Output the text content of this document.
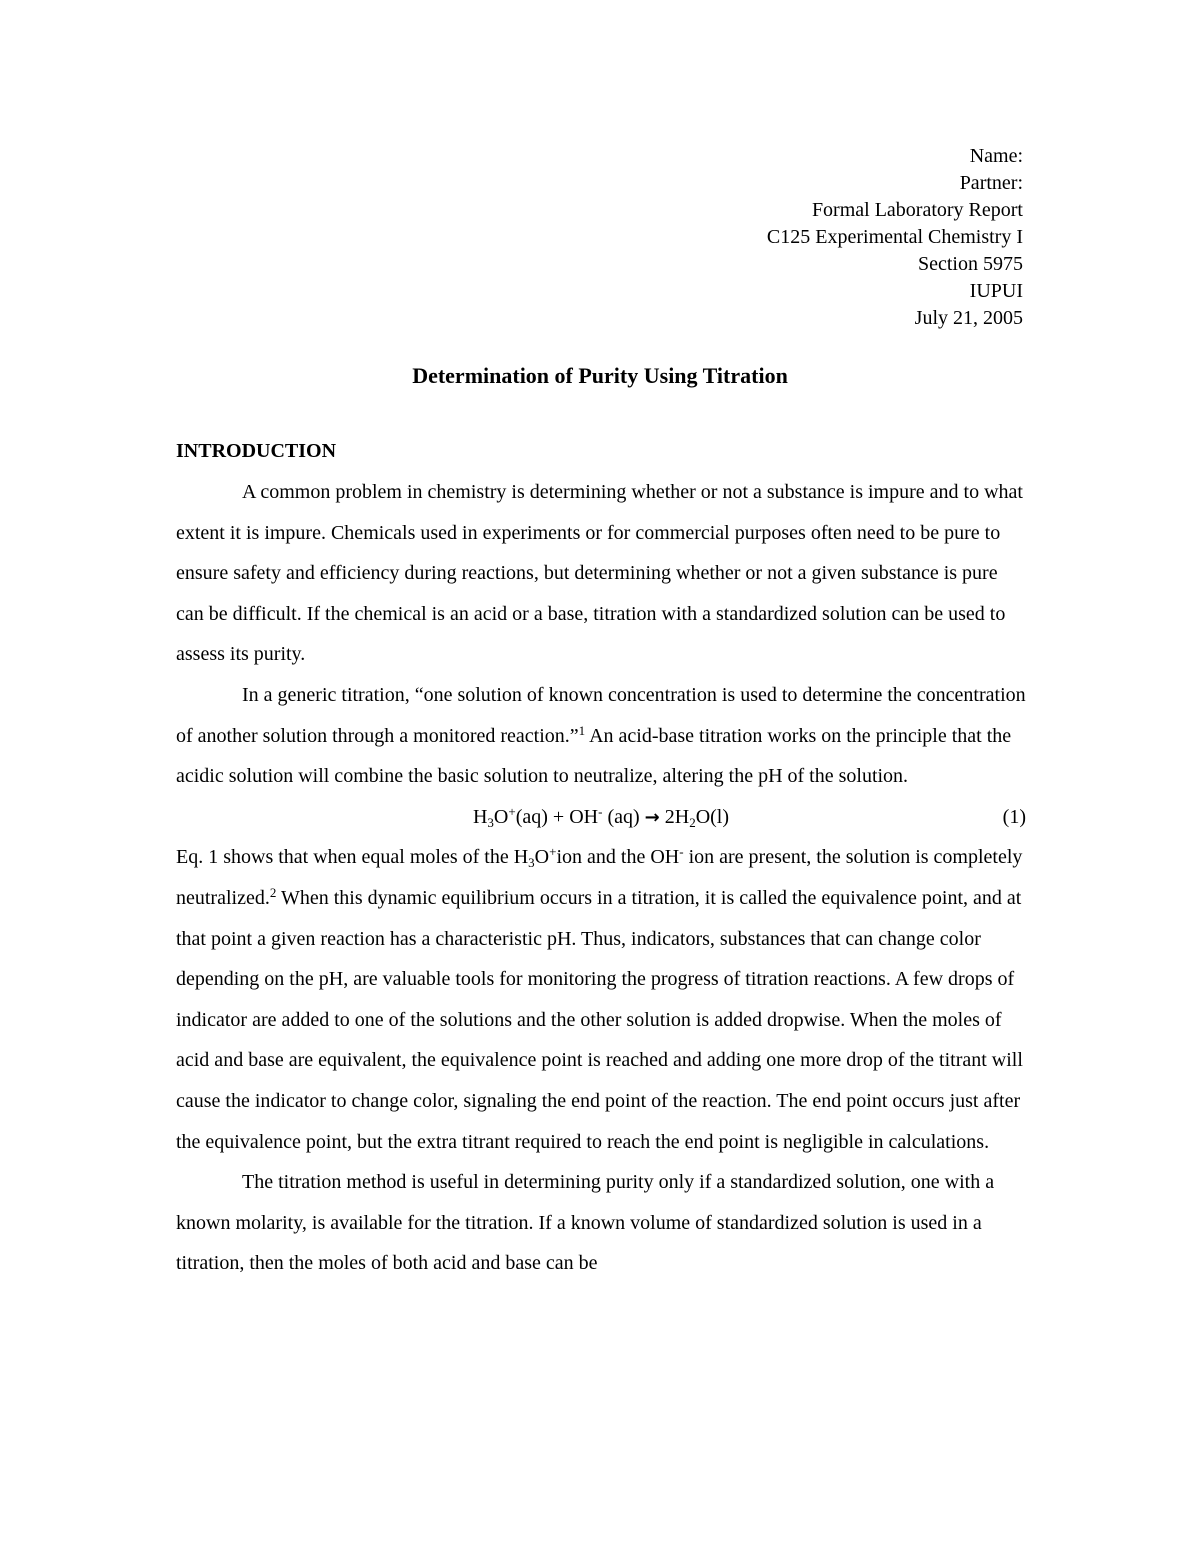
Name:
Partner:
Formal Laboratory Report
C125 Experimental Chemistry I
Section 5975
IUPUI
July 21, 2005
Determination of Purity Using Titration
INTRODUCTION

A common problem in chemistry is determining whether or not a substance is impure and to what extent it is impure. Chemicals used in experiments or for commercial purposes often need to be pure to ensure safety and efficiency during reactions, but determining whether or not a given substance is pure can be difficult. If the chemical is an acid or a base, titration with a standardized solution can be used to assess its purity.

In a generic titration, “one solution of known concentration is used to determine the concentration of another solution through a monitored reaction.”$^1$ An acid-base titration works on the principle that the acidic solution will combine the basic solution to neutralize, altering the pH of the solution.

$H_3O^+(aq) + OH^-$ $(aq) \to 2H_2O(l)$	(1)

Eq. 1 shows that when equal moles of the $H_3O^+ion$ and the OH- ion are present, the solution is completely neutralized.$^2$ When this dynamic equilibrium occurs in a titration, it is called the equivalence point, and at that point a given reaction has a characteristic pH. Thus, indicators, substances that can change color depending on the pH, are valuable tools for monitoring the progress of titration reactions. A few drops of indicator are added to one of the solutions and the other solution is added dropwise. When the moles of acid and base are equivalent, the equivalence point is reached and adding one more drop of the titrant will cause the indicator to change color, signaling the end point of the reaction. The end point occurs just after the equivalence point, but the extra titrant required to reach the end point is negligible in calculations.

The titration method is useful in determining purity only if a standardized solution, one with a known molarity, is available for the titration. If a known volume of standardized solution is used in a titration, then the moles of both acid and base can be
